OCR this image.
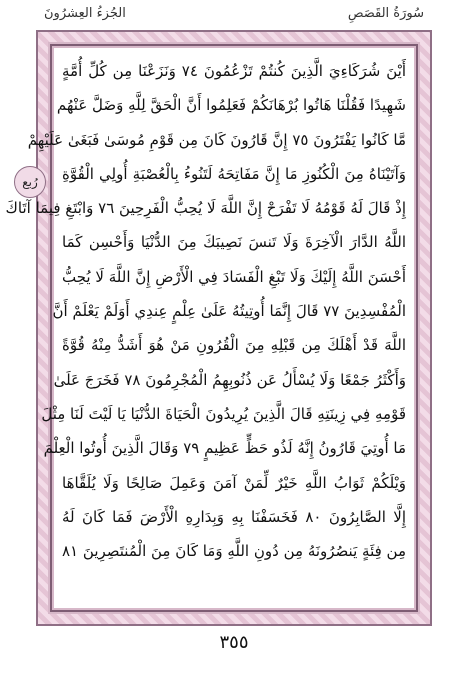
الجُزءُ العِشرُونَ	سُورَةُ القَصَصِ
أَيْنَ شُرَكَاءِيَ الَّذِينَ كُنتُمْ تَزْعُمُونَ ٧٤ وَنَزَعْنَا مِن كُلِّ أُمَّةٍ
شَهِيدًا فَقُلْنَا هَاتُوا بُرْهَانَكُمْ فَعَلِمُوا أَنَّ الْحَقَّ لِلَّهِ وَضَلَّ عَنْهُم
مَّا كَانُوا يَفْتَرُونَ ٧٥ إِنَّ قَارُونَ كَانَ مِن قَوْمِ مُوسَىٰ فَبَغَىٰ عَلَيْهِمْ
وَآتَيْنَاهُ مِنَ الْكُنُوزِ مَا إِنَّ مَفَاتِحَهُ لَتَنُوءُ بِالْعُصْبَةِ أُولِي الْقُوَّةِ
إِذْ قَالَ لَهُ قَوْمُهُ لَا تَفْرَحْ إِنَّ اللَّهَ لَا يُحِبُّ الْفَرِحِينَ ٧٦ وَابْتَغِ فِيمَا آتَاكَ
اللَّهُ الدَّارَ الْآخِرَةَ وَلَا تَنسَ نَصِيبَكَ مِنَ الدُّنْيَا وَأَحْسِن كَمَا
أَحْسَنَ اللَّهُ إِلَيْكَ وَلَا تَبْغِ الْفَسَادَ فِي الْأَرْضِ إِنَّ اللَّهَ لَا يُحِبُّ
الْمُفْسِدِينَ ٧٧ قَالَ إِنَّمَا أُوتِيتُهُ عَلَىٰ عِلْمٍ عِندِي أَوَلَمْ يَعْلَمْ أَنَّ
اللَّهَ قَدْ أَهْلَكَ مِن قَبْلِهِ مِنَ الْقُرُونِ مَنْ هُوَ أَشَدُّ مِنْهُ قُوَّةً
وَأَكْثَرُ جَمْعًا وَلَا يُسْأَلُ عَن ذُنُوبِهِمُ الْمُجْرِمُونَ ٧٨ فَخَرَجَ عَلَىٰ
قَوْمِهِ فِي زِينَتِهِ قَالَ الَّذِينَ يُرِيدُونَ الْحَيَاةَ الدُّنْيَا يَا لَيْتَ لَنَا مِثْلَ
مَا أُوتِيَ قَارُونُ إِنَّهُ لَذُو حَظٍّ عَظِيمٍ ٧٩ وَقَالَ الَّذِينَ أُوتُوا الْعِلْمَ
وَيْلَكُمْ ثَوَابُ اللَّهِ خَيْرٌ لِّمَنْ آمَنَ وَعَمِلَ صَالِحًا وَلَا يُلَقَّاهَا
إِلَّا الصَّابِرُونَ ٨٠ فَخَسَفْنَا بِهِ وَبِدَارِهِ الْأَرْضَ فَمَا كَانَ لَهُ
مِن فِئَةٍ يَنصُرُونَهُ مِن دُونِ اللَّهِ وَمَا كَانَ مِنَ الْمُنتَصِرِينَ ٨١
رُبع
٣٥٥
